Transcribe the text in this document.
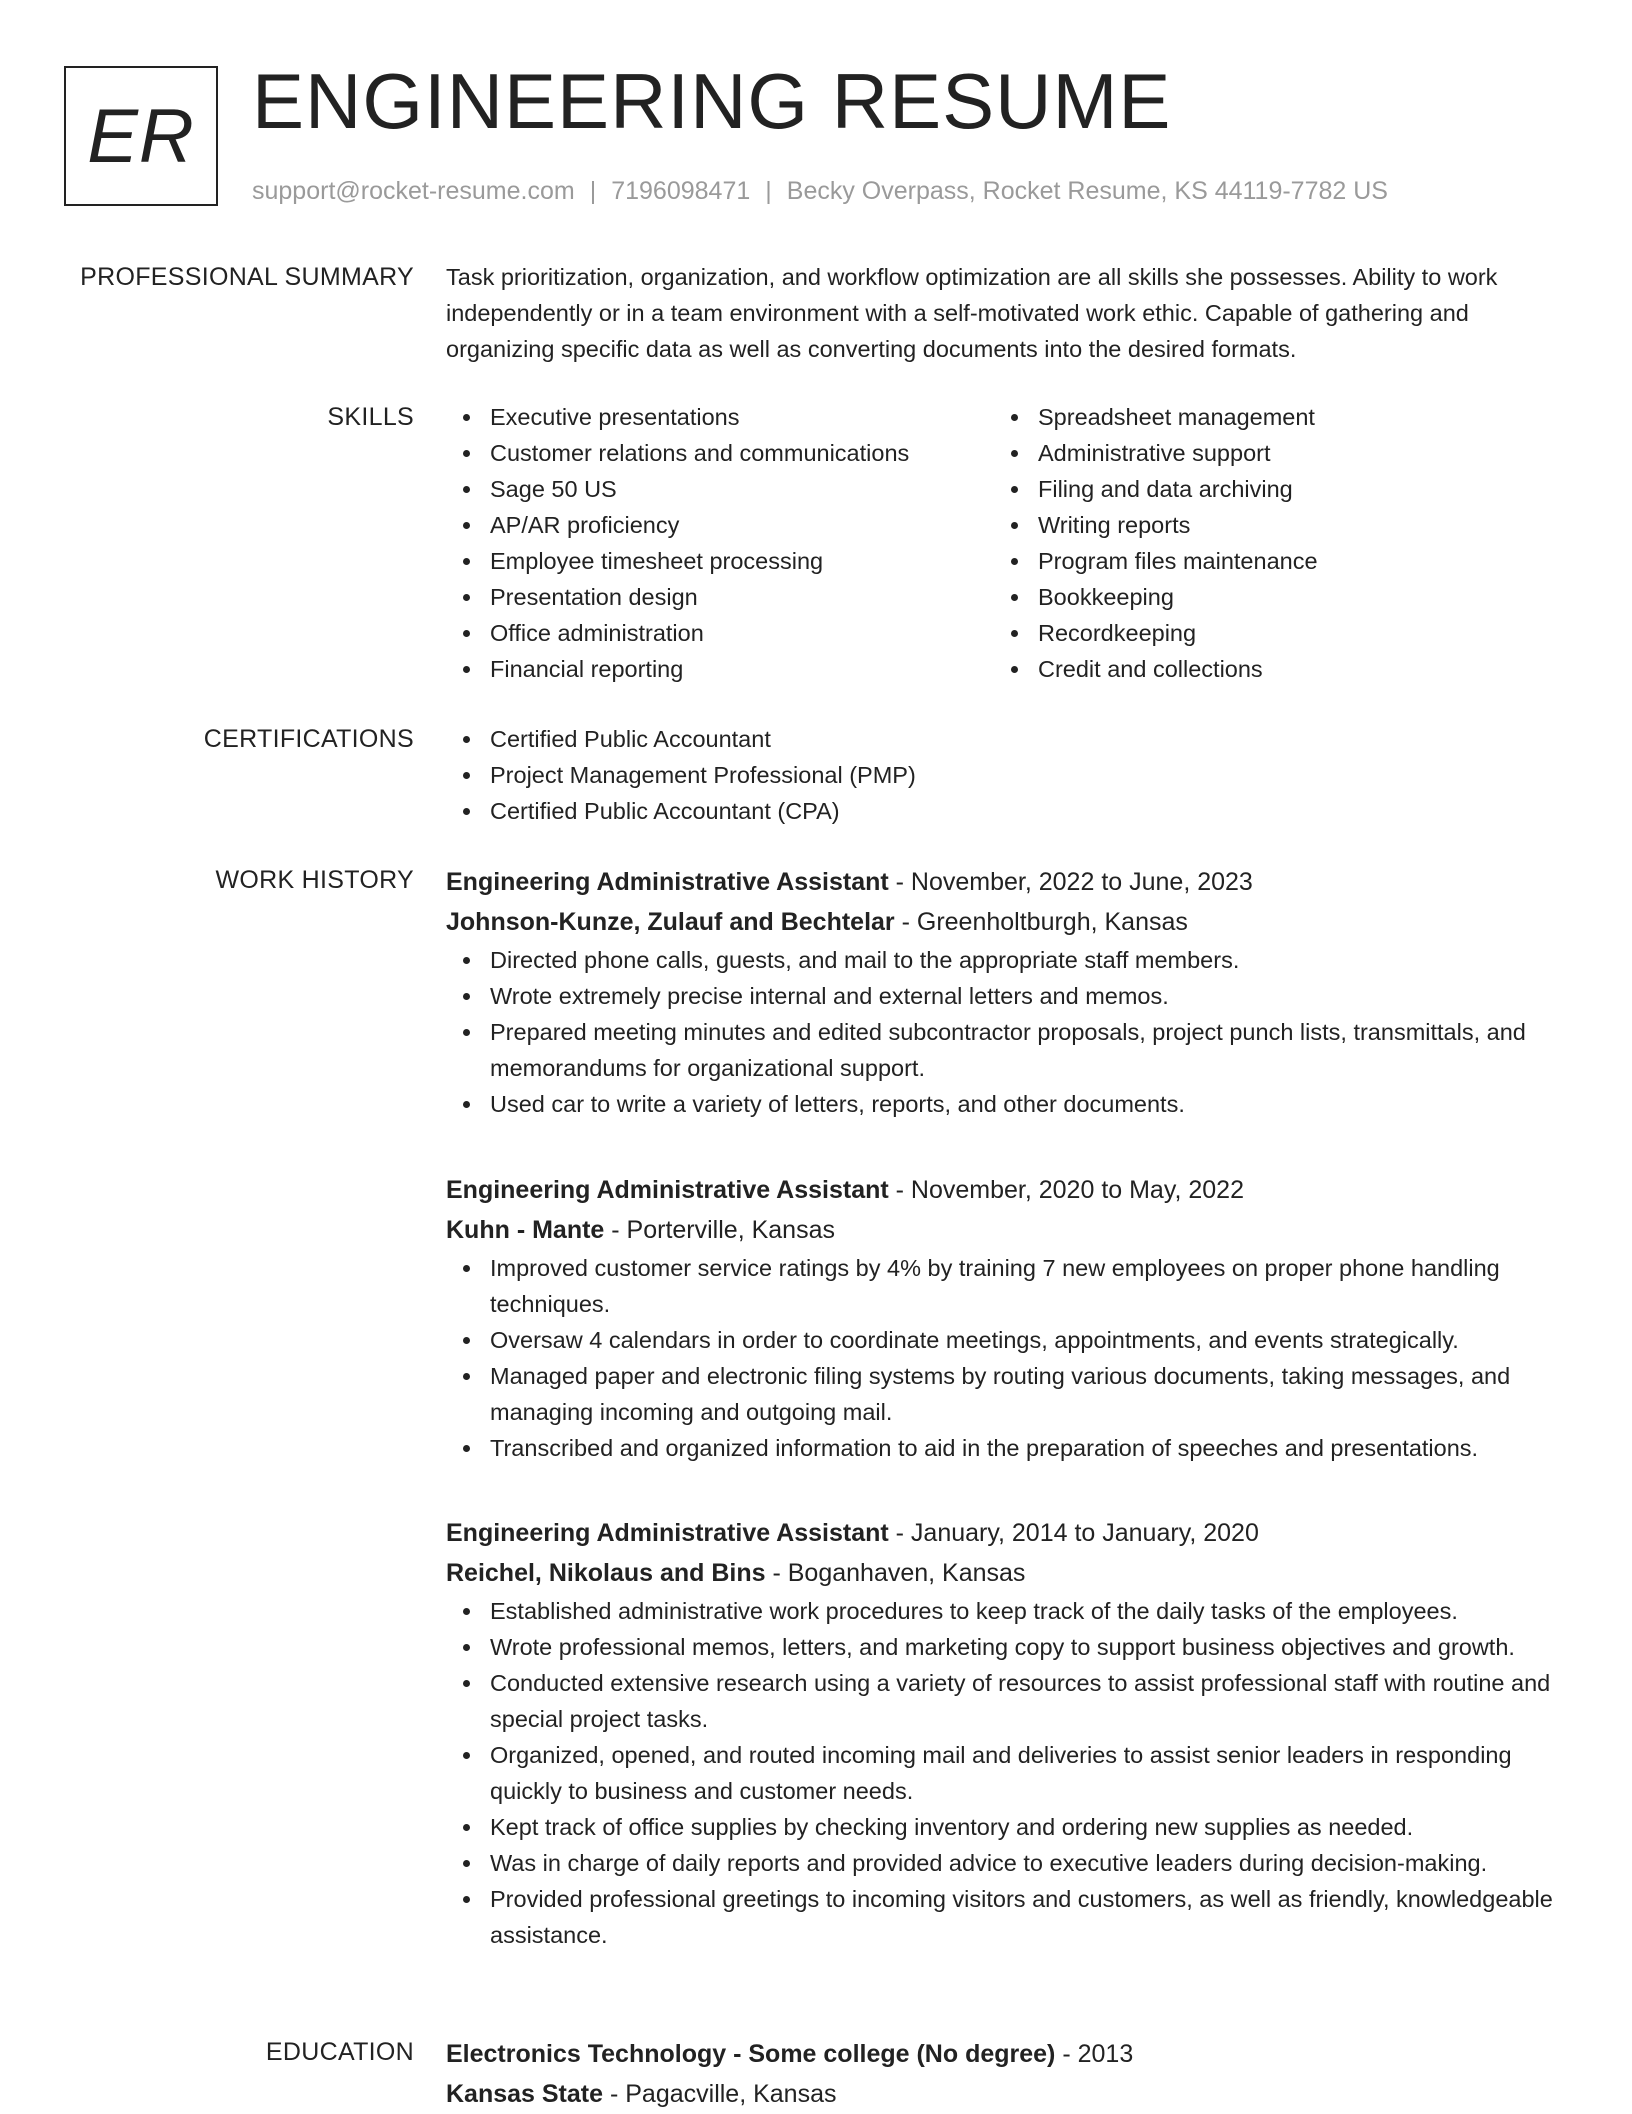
ER ENGINEERING RESUME
support@rocket-resume.com | 7196098471 | Becky Overpass, Rocket Resume, KS 44119-7782 US
PROFESSIONAL SUMMARY Task prioritization, organization, and workflow optimization are all skills she possesses. Ability to work independently or in a team environment with a self-motivated work ethic. Capable of gathering and organizing specific data as well as converting documents into the desired formats.

SKILLS	Executive presentations
Customer relations and communications
Sage 50 US
AP/AR proficiency
Employee timesheet processing
Presentation design
Office administration
Financial reporting
Spreadsheet management
Administrative support
Filing and data archiving
Writing reports
Program files maintenance
Bookkeeping
Recordkeeping
Credit and collections
CERTIFICATIONS	Certified Public Accountant
Project Management Professional (PMP)
Certified Public Accountant (CPA)
WORK HISTORY Engineering Administrative Assistant - November, 2022 to June, 2023
Johnson-Kunze, Zulauf and Bechtelar - Greenholtburgh, Kansas
Directed phone calls, guests, and mail to the appropriate staff members.
Wrote extremely precise internal and external letters and memos.
Prepared meeting minutes and edited subcontractor proposals, project punch lists, transmittals, and memorandums for organizational support.
Used car to write a variety of letters, reports, and other documents.
Engineering Administrative Assistant - November, 2020 to May, 2022
Kuhn - Mante - Porterville, Kansas
Improved customer service ratings by 4% by training 7 new employees on proper phone handling techniques.
Oversaw 4 calendars in order to coordinate meetings, appointments, and events strategically.
Managed paper and electronic filing systems by routing various documents, taking messages, and managing incoming and outgoing mail.
Transcribed and organized information to aid in the preparation of speeches and presentations.
Engineering Administrative Assistant - January, 2014 to January, 2020
Reichel, Nikolaus and Bins - Boganhaven, Kansas
Established administrative work procedures to keep track of the daily tasks of the employees.
Wrote professional memos, letters, and marketing copy to support business objectives and growth.
Conducted extensive research using a variety of resources to assist professional staff with routine and special project tasks.
Organized, opened, and routed incoming mail and deliveries to assist senior leaders in responding quickly to business and customer needs.
Kept track of office supplies by checking inventory and ordering new supplies as needed.
Was in charge of daily reports and provided advice to executive leaders during decision-making.
Provided professional greetings to incoming visitors and customers, as well as friendly, knowledgeable assistance.
EDUCATION Electronics Technology - Some college (No degree) - 2013
Kansas State - Pagacville, Kansas
